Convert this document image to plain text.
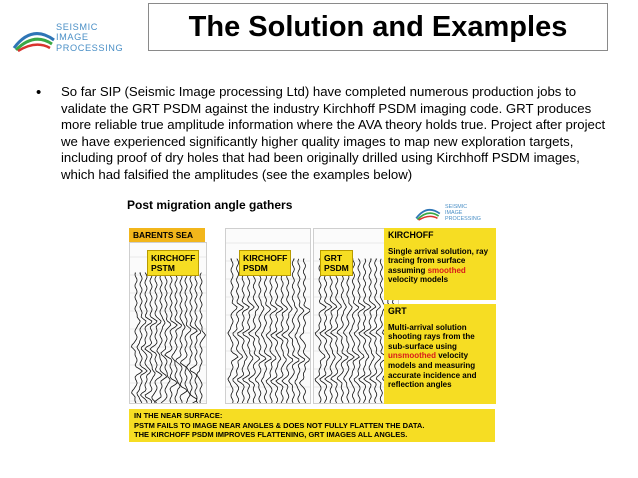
SEISMIC
IMAGE
PROCESSING
The Solution and Examples
• So far SIP (Seismic Image processing Ltd) have completed numerous production jobs to validate the GRT PSDM against the industry Kirchhoff PSDM imaging code. GRT produces more reliable true amplitude information where the AVA theory holds true. Project after project we have experienced significantly higher quality images to map new exploration targets, including proof of dry holes that had been originally drilled using Kirchhoff PSDM images, which had falsified the amplitudes (see the examples below)
Post migration angle gathers	SEISMIC
IMAGE
PROCESSING
BARENTS SEA
KIRCHOFF
PSTM
KIRCHOFF
PSDM
GRT
PSDM
KIRCHOFF
Single arrival solution, ray tracing from surface assuming smoothed velocity models
GRT
Multi-arrival solution shooting rays from the sub-surface using unsmoothed velocity models and measuring accurate incidence and reflection angles
IN THE NEAR SURFACE:
PSTM FAILS TO IMAGE NEAR ANGLES & DOES NOT FULLY FLATTEN THE DATA.
THE KIRCHOFF PSDM IMPROVES FLATTENING, GRT IMAGES ALL ANGLES.
